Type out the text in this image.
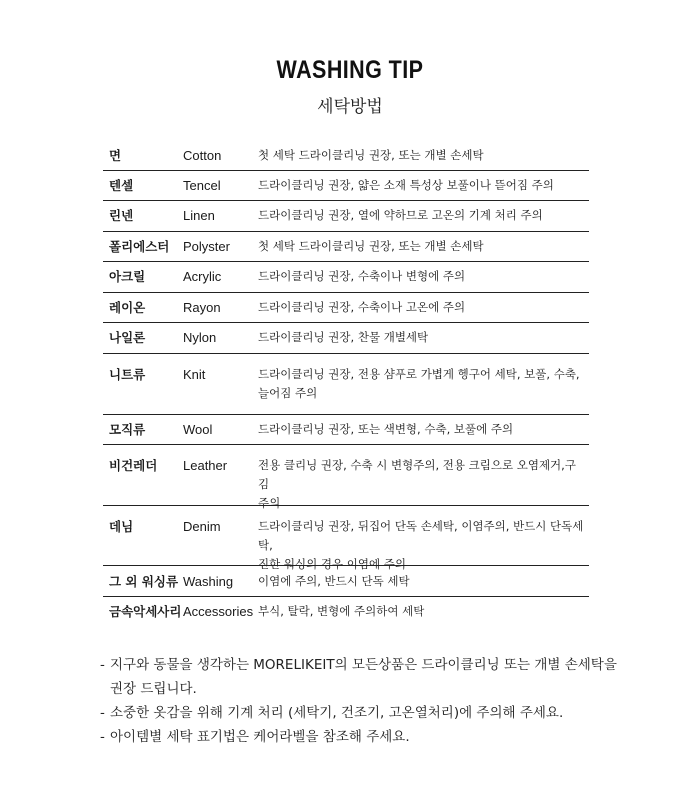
WASHING TIP
세탁방법
면	Cotton	첫 세탁 드라이클리닝 권장, 또는 개별 손세탁
텐셀	Tencel	드라이클리닝 권장, 얇은 소재 특성상 보풀이나 뜯어짐 주의
린넨	Linen	드라이클리닝 권장, 열에 약하므로 고온의 기계 처리 주의
폴리에스터	Polyster	첫 세탁 드라이클리닝 권장, 또는 개별 손세탁
아크릴	Acrylic	드라이클리닝 권장, 수축이나 변형에 주의
레이온	Rayon	드라이클리닝 권장, 수축이나 고온에 주의
나일론	Nylon	드라이클리닝 권장, 찬물 개별세탁
니트류	Knit	드라이클리닝 권장, 전용 샴푸로 가볍게 헹구어 세탁, 보풀, 수축,
늘어짐 주의
모직류	Wool	드라이클리닝 권장, 또는 색변형, 수축, 보풀에 주의
비건레더	Leather	전용 클리닝 권장, 수축 시 변형주의, 전용 크림으로 오염제거,구김
주의
데님	Denim	드라이클리닝 권장, 뒤집어 단독 손세탁, 이염주의, 반드시 단독세탁,
진한 워싱의 경우 이염에 주의
그 외 워싱류 Washing	이염에 주의, 반드시 단독 세탁
금속악세사리 Accessories 부식, 탈락, 변형에 주의하여 세탁
- 지구와 동물을 생각하는 MORELIKEIT의 모든상품은 드라이클리닝 또는 개별 손세탁을 권장 드립니다.
- 소중한 옷감을 위해 기계 처리 (세탁기, 건조기, 고온열처리)에 주의해 주세요.
- 아이템별 세탁 표기법은 케어라벨을 참조해 주세요.
